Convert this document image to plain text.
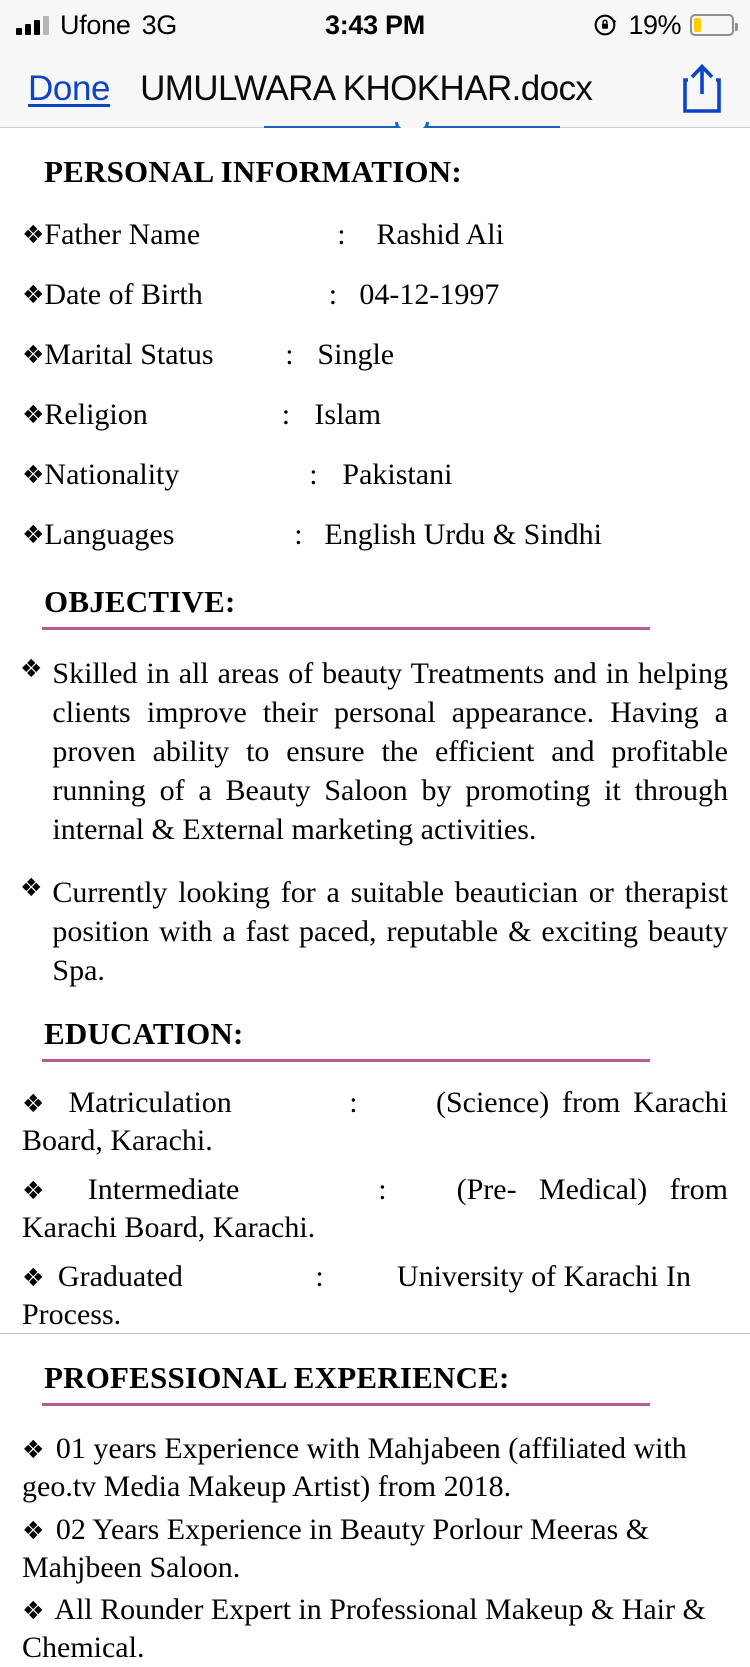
Ufone 3G	3:43 PM	19%
Done UMULWARA KHOKHAR.docx
PERSONAL INFORMATION:
❖ Father Name	:	Rashid Ali
❖ Date of Birth	: 04-12-1997
❖ Marital Status	: Single
❖ Religion	: Islam
❖ Nationality	: Pakistani
❖ Languages	: English Urdu & Sindhi
OBJECTIVE:
❖ Skilled in all areas of beauty Treatments and in helping clients improve their personal appearance. Having a proven ability to ensure the efficient and profitable running of a Beauty Saloon by promoting it through internal & External marketing activities.

❖ Currently looking for a suitable beautician or therapist position with a fast paced, reputable & exciting beauty Spa.

EDUCATION:
❖ Matriculation	:	(Science) from Karachi Board, Karachi.
❖ Intermediate	: (Pre- Medical) from Karachi Board, Karachi.
❖ Graduated	: University of Karachi In Process.
PROFESSIONAL EXPERIENCE:
❖ 01 years Experience with Mahjabeen (affiliated with geo.tv Media Makeup Artist) from 2018.
❖ 02 Years Experience in Beauty Porlour Meeras & Mahjbeen Saloon.
❖ All Rounder Expert in Professional Makeup & Hair & Chemical.
